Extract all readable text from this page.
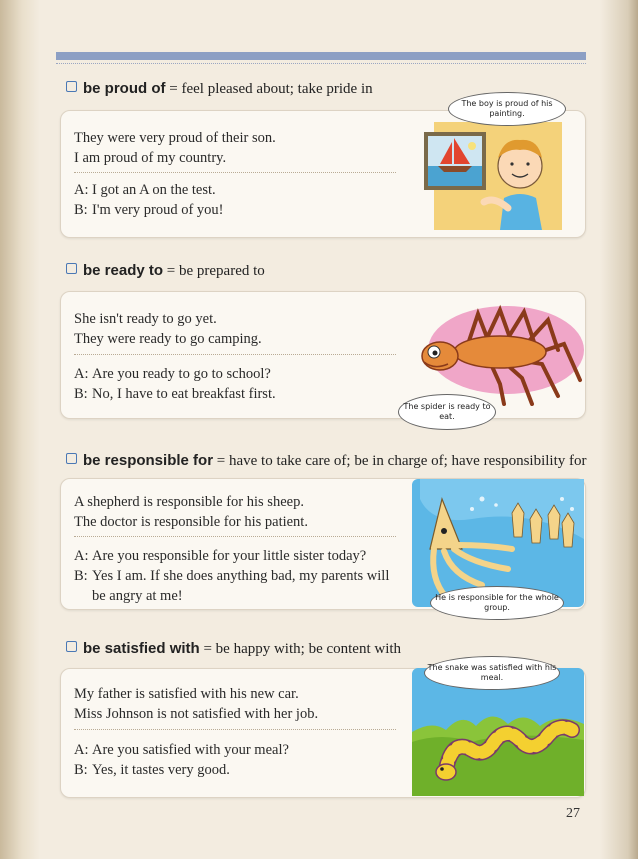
be proud of = feel pleased about; take pride in
They were very proud of their son.
I am proud of my country.
A: I got an A on the test.
B: I'm very proud of you!
The boy is proud of his painting.
be ready to = be prepared to
She isn't ready to go yet.
They were ready to go camping.
A: Are you ready to go to school?
B: No, I have to eat breakfast first.
The spider is ready to eat.
be responsible for = have to take care of; be in charge of; have responsibility for
A shepherd is responsible for his sheep.
The doctor is responsible for his patient.
A: Are you responsible for your little sister today?
B: Yes I am. If she does anything bad, my parents will be angry at me!	He is responsible for the whole group.
be satisfied with = be happy with; be content with
My father is satisfied with his new car.
Miss Johnson is not satisfied with her job.
A: Are you satisfied with your meal?
B: Yes, it tastes very good.
The snake was satisfied with his meal.
27
